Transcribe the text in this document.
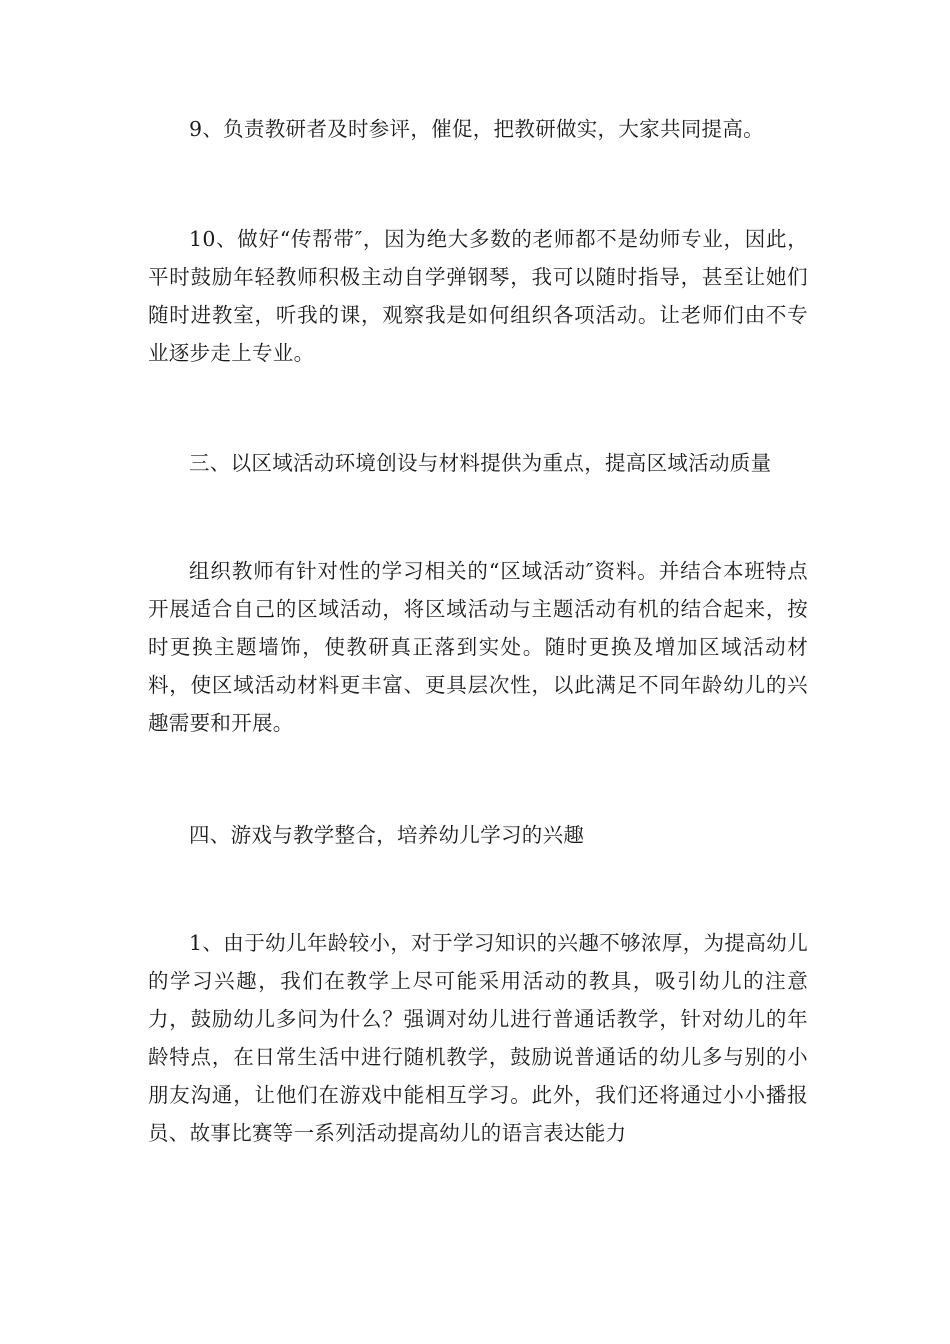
9、负责教研者及时参评，催促，把教研做实，大家共同提高。

10、做好“传帮带″，因为绝大多数的老师都不是幼师专业，因此，平时鼓励年轻教师积极主动自学弹钢琴，我可以随时指导，甚至让她们随时进教室，听我的课，观察我是如何组织各项活动。让老师们由不专业逐步走上专业。

三、以区域活动环境创设与材料提供为重点，提高区域活动质量

组织教师有针对性的学习相关的“区域活动″资料。并结合本班特点开展适合自己的区域活动，将区域活动与主题活动有机的结合起来，按时更换主题墙饰，使教研真正落到实处。随时更换及增加区域活动材料，使区域活动材料更丰富、更具层次性，以此满足不同年龄幼儿的兴趣需要和开展。

四、游戏与教学整合，培养幼儿学习的兴趣

1、由于幼儿年龄较小，对于学习知识的兴趣不够浓厚，为提高幼儿的学习兴趣，我们在教学上尽可能采用活动的教具，吸引幼儿的注意力，鼓励幼儿多问为什么？强调对幼儿进行普通话教学，针对幼儿的年龄特点，在日常生活中进行随机教学，鼓励说普通话的幼儿多与别的小朋友沟通，让他们在游戏中能相互学习。此外，我们还将通过小小播报员、故事比赛等一系列活动提高幼儿的语言表达能力
